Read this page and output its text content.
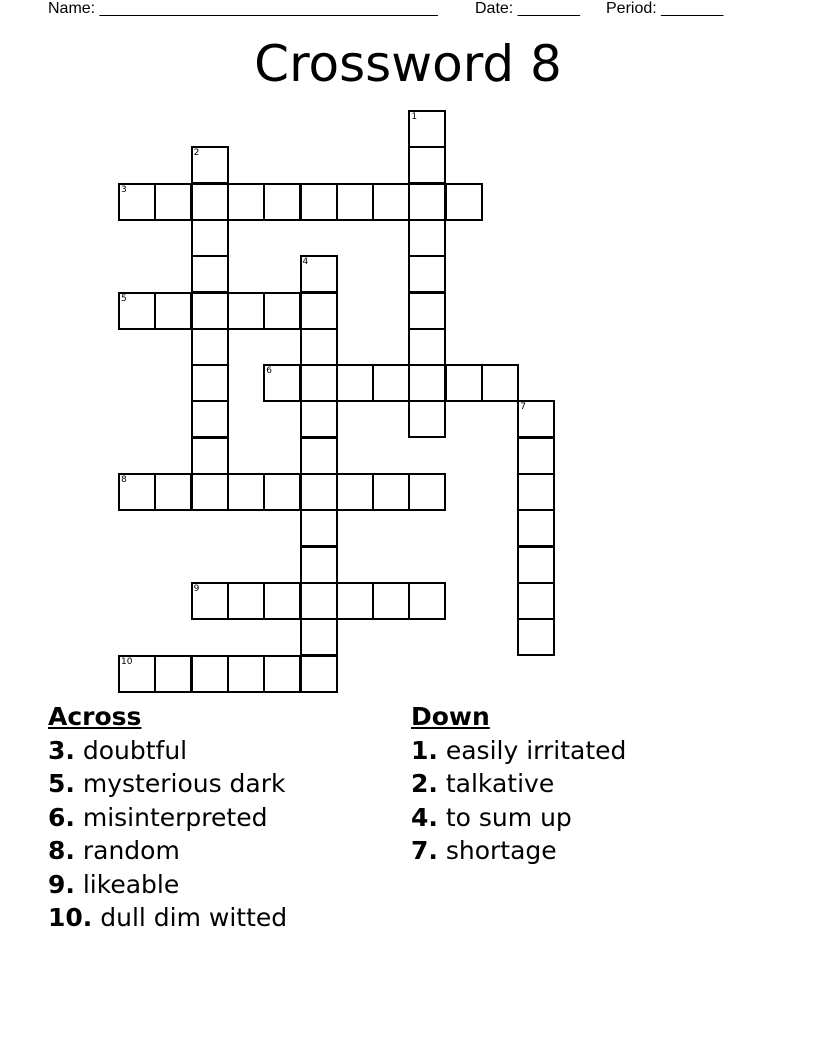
Name: ______________________________________ Date: _______ Period: _______
Crossword 8
1
2
3
4
5
6
7
8
9
10

Across

3. doubtful

5. mysterious dark

6. misinterpreted

8. random

9. likeable

10. dull dim witted

Down

1. easily irritated

2. talkative

4. to sum up

7. shortage
